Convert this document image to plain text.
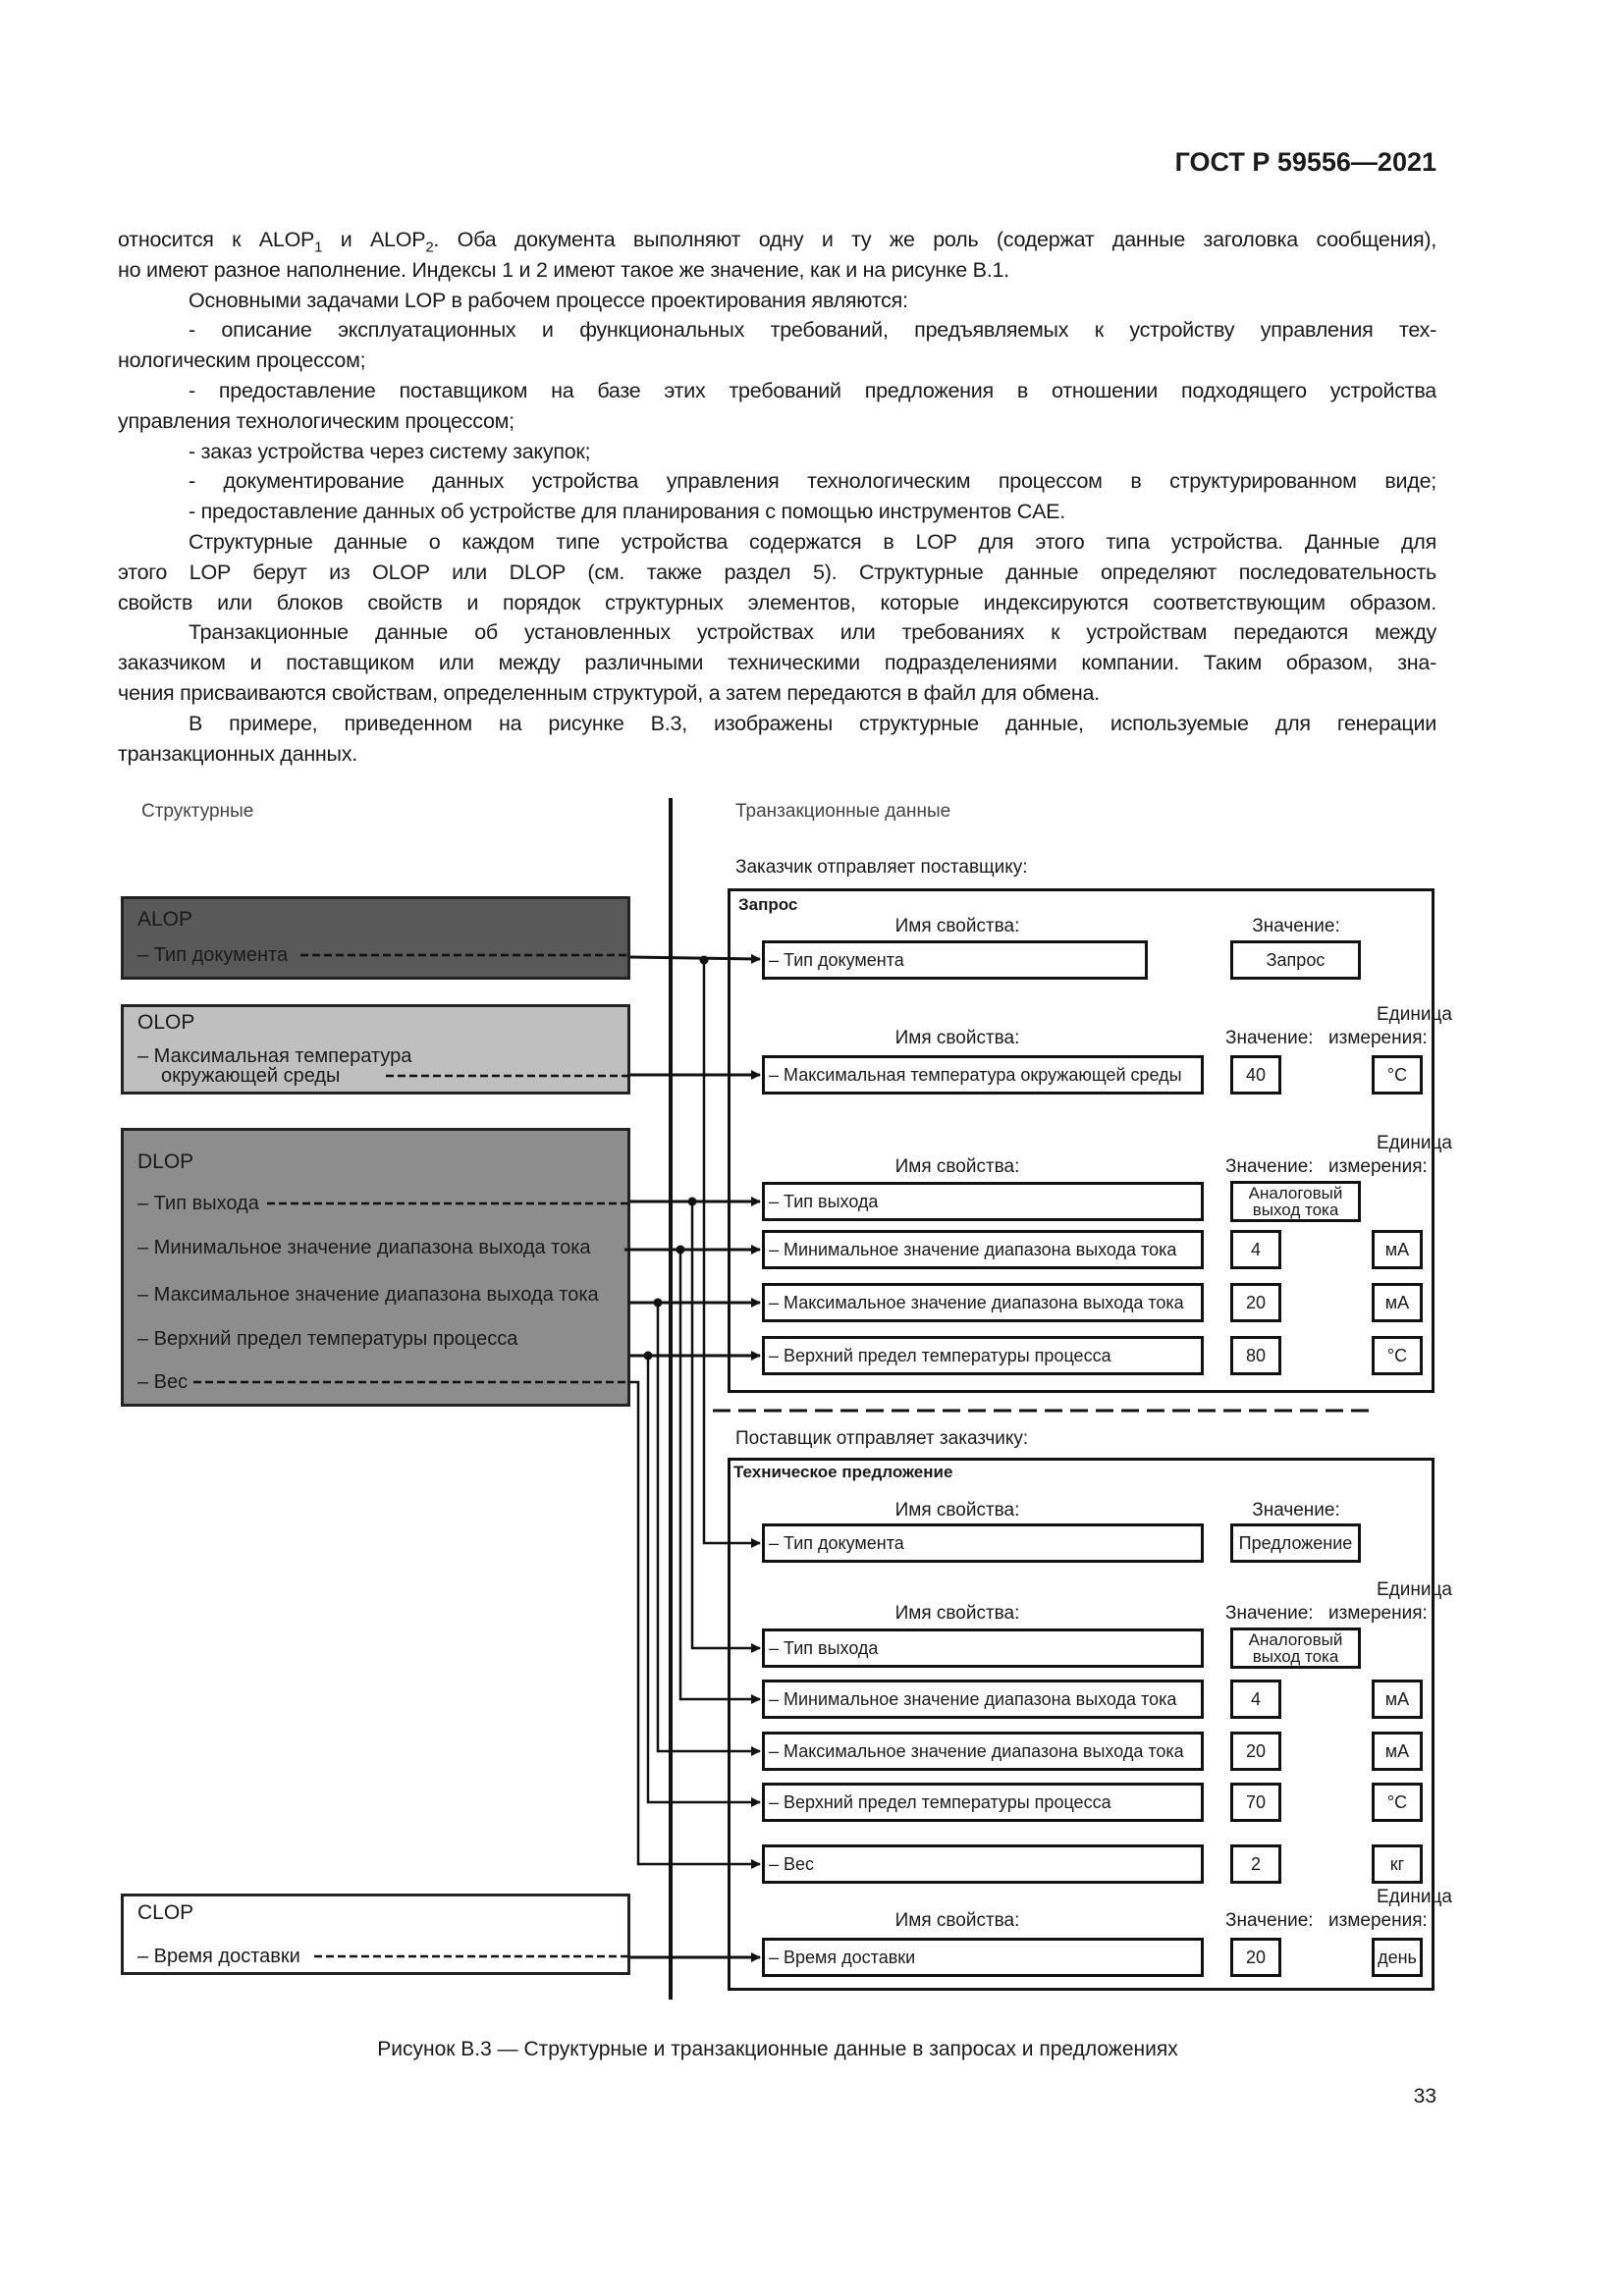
ГОСТ Р 59556—2021
относится к $ALOP_1$ и $ALOP_2$. Оба документа выполняют одну и ту же роль (содержат данные заголовка сообщения),
но имеют разное наполнение. Индексы 1 и 2 имеют такое же значение, как и на рисунке В.1.
Основными задачами LOP в рабочем процессе проектирования являются:
- описание эксплуатационных и функциональных требований, предъявляемых к устройству управления тех-
нологическим процессом;
- предоставление поставщиком на базе этих требований предложения в отношении подходящего устройства
управления технологическим процессом;
- заказ устройства через систему закупок;
- документирование данных устройства управления технологическим процессом в структурированном виде;
- предоставление данных об устройстве для планирования с помощью инструментов CAE.
Структурные данные о каждом типе устройства содержатся в LOP для этого типа устройства. Данные для
этого LOP берут из OLOP или DLOP (см. также раздел 5). Структурные данные определяют последовательность
свойств или блоков свойств и порядок структурных элементов, которые индексируются соответствующим образом.
Транзакционные данные об установленных устройствах или требованиях к устройствам передаются между
заказчиком и поставщиком или между различными техническими подразделениями компании. Таким образом, зна-
чения присваиваются свойствам, определенным структурой, а затем передаются в файл для обмена.
В примере, приведенном на рисунке В.3, изображены структурные данные, используемые для генерации
транзакционных данных.
Структурные	Транзакционные данные
ALOP
– Тип документа
OLOP
– Максимальная температура
окружающей среды
DLOP
– Тип выхода
– Минимальное значение диапазона выхода тока
– Максимальное значение диапазона выхода тока
– Верхний предел температуры процесса
– Вес
CLOP
– Время доставки
Заказчик отправляет поставщику:
Запрос
Поставщик отправляет заказчику:
Техническое предложение
Имя свойства:	Значение:
Имя свойства:
Единица
Значение: измерения:
Имя свойства:
Единица
Значение: измерения:
Имя свойства:	Значение:
Имя свойства:
Единица
Значение: измерения:
Имя свойства:
Единица
Значение: измерения:
– Тип документа	Запрос
– Максимальная температура окружающей среды	40	°C
– Тип выхода	Аналоговый
выход тока
– Минимальное значение диапазона выхода тока	4	мА
– Максимальное значение диапазона выхода тока	20	мА
– Верхний предел температуры процесса	80	°C
– Тип документа	Предложение
– Тип выхода	Аналоговый
выход тока
– Минимальное значение диапазона выхода тока	4	мА
– Максимальное значение диапазона выхода тока	20	мА
– Верхний предел температуры процесса	70	°C
– Вес	2	кг
– Время доставки	20	день
Рисунок В.3 — Структурные и транзакционные данные в запросах и предложениях
33
